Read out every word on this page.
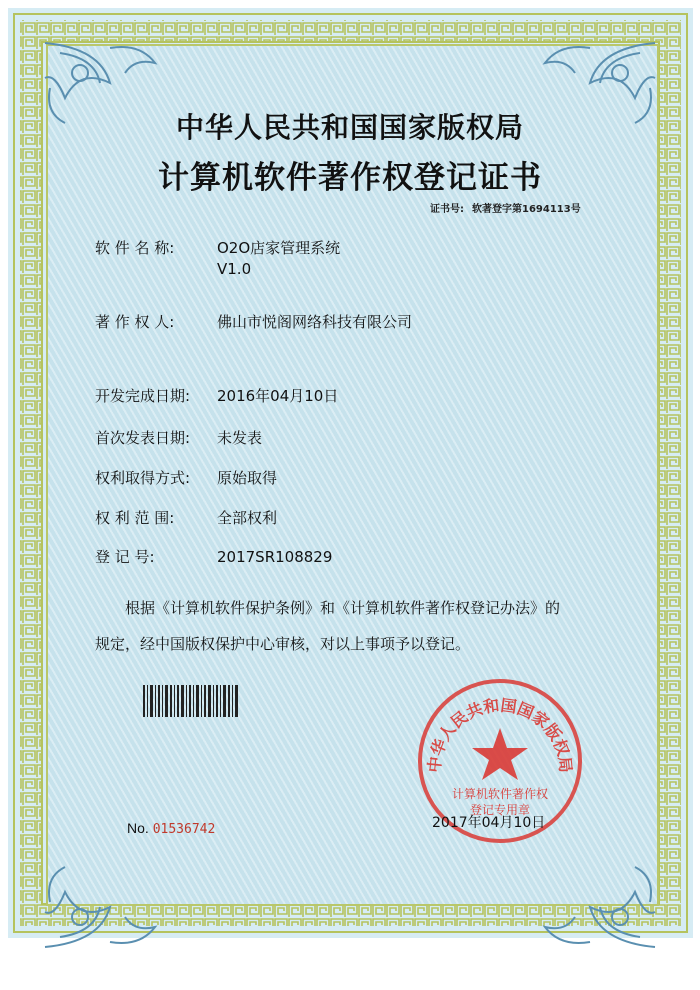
中华人民共和国国家版权局
计算机软件著作权登记证书
证书号: 软著登字第1694113号
软 件 名 称:	O2O店家管理系统
V1.0
著 作 权 人:	佛山市悦阁网络科技有限公司
开发完成日期: 2016年04月10日
首次发表日期: 未发表
权利取得方式: 原始取得
权 利 范 围:	全部权利
登 记 号:	2017SR108829
根据《计算机软件保护条例》和《计算机软件著作权登记办法》的
规定，经中国版权保护中心审核，对以上事项予以登记。
No. 01536742
中华人民共和国国家版权局
计算机软件著作权
登记专用章
2017年04月10日
